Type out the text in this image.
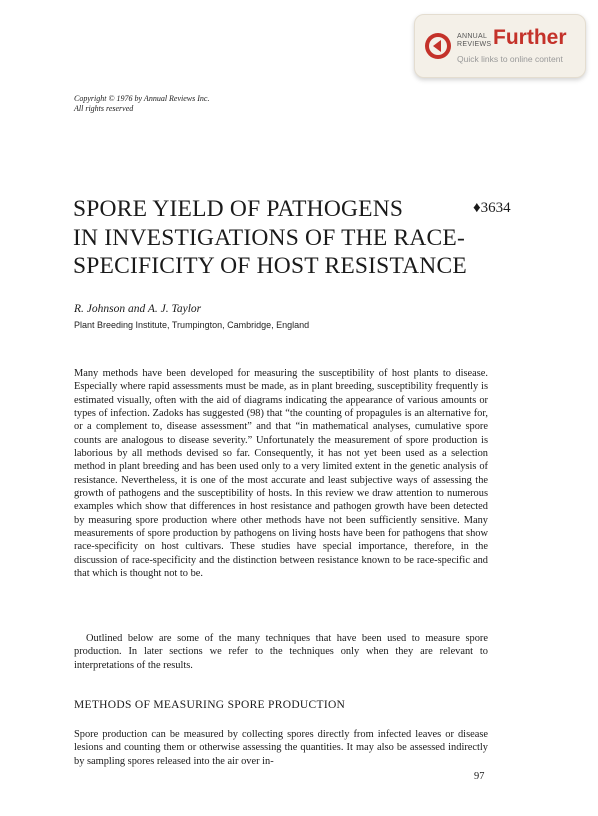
ANNUAL
REVIEWS Further
Quick links to online content
Copyright © 1976 by Annual Reviews Inc.
All rights reserved
SPORE YIELD OF PATHOGENS
IN INVESTIGATIONS OF THE RACE-
SPECIFICITY OF HOST RESISTANCE
♦3634
R. Johnson and A. J. Taylor
Plant Breeding Institute, Trumpington, Cambridge, England
Many methods have been developed for measuring the susceptibility of host plants to disease. Especially where rapid assessments must be made, as in plant breeding, susceptibility frequently is estimated visually, often with the aid of diagrams indicating the appearance of various amounts or types of infection. Zadoks has suggested (98) that “the counting of propagules is an alternative for, or a complement to, disease assessment” and that “in mathematical analyses, cumulative spore counts are analogous to disease severity.” Unfortunately the measurement of spore production is laborious by all methods devised so far. Consequently, it has not yet been used as a selection method in plant breeding and has been used only to a very limited extent in the genetic analysis of resistance. Nevertheless, it is one of the most accurate and least subjective ways of assessing the growth of pathogens and the susceptibility of hosts. In this review we draw attention to numerous examples which show that differences in host resistance and pathogen growth have been detected by measuring spore production where other methods have not been sufficiently sensitive. Many measurements of spore production by pathogens on living hosts have been for pathogens that show race-specificity on host cultivars. These studies have special importance, therefore, in the discussion of race-specificity and the distinction between resistance known to be race-specific and that which is thought not to be.
Outlined below are some of the many techniques that have been used to measure spore production. In later sections we refer to the techniques only when they are relevant to interpretations of the results.
METHODS OF MEASURING SPORE PRODUCTION
Spore production can be measured by collecting spores directly from infected leaves or disease lesions and counting them or otherwise assessing the quantities. It may also be assessed indirectly by sampling spores released into the air over in-
97
